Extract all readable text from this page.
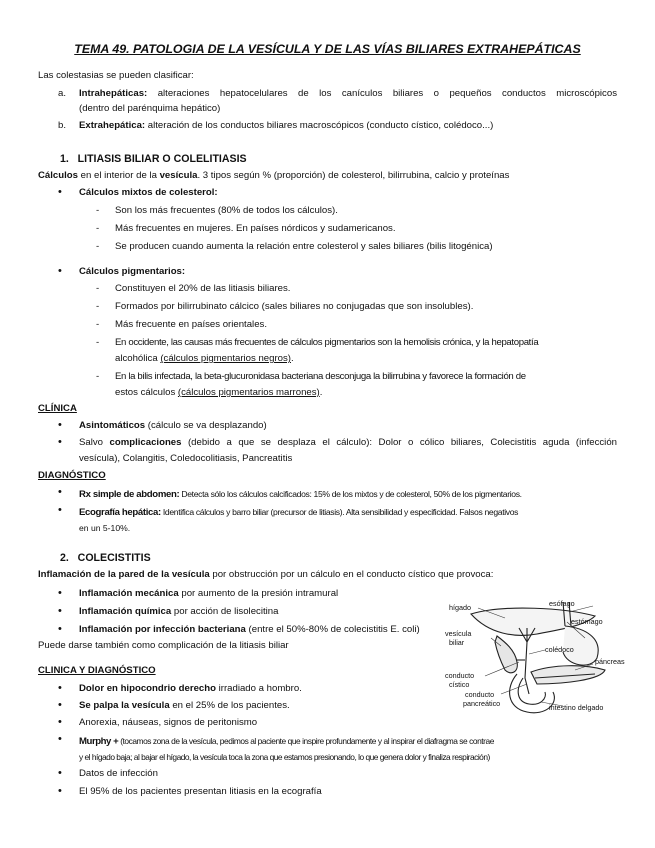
TEMA 49. PATOLOGIA DE LA VESÍCULA Y DE LAS VÍAS BILIARES EXTRAHEPÁTICAS
Las colestasias se pueden clasificar:
a. Intrahepáticas: alteraciones hepatocelulares de los canículos biliares o pequeños conductos microscópicos
(dentro del parénquima hepático)
b. Extrahepática: alteración de los conductos biliares macroscópicos (conducto cístico, colédoco...)
1.   LITIASIS BILIAR O COLELITIASIS
Cálculos en el interior de la vesícula. 3 tipos según % (proporción) de colesterol, bilirrubina, calcio y proteínas
• Cálculos mixtos de colesterol:
- Son los más frecuentes (80% de todos los cálculos).
- Más frecuentes en mujeres. En países nórdicos y sudamericanos.
- Se producen cuando aumenta la relación entre colesterol y sales biliares (bilis litogénica)
• Cálculos pigmentarios:
- Constituyen el 20% de las litiasis biliares.
- Formados por bilirrubinato cálcico (sales biliares no conjugadas que son insolubles).
- Más frecuente en países orientales.
- En occidente, las causas más frecuentes de cálculos pigmentarios son la hemolisis crónica, y la hepatopatía
alcohólica (cálculos pigmentarios negros).
- En la bilis infectada, la beta-glucuronidasa bacteriana desconjuga la bilirrubina y favorece la formación de
estos cálculos (cálculos pigmentarios marrones).
CLÍNICA
• Asintomáticos (cálculo se va desplazando)
• Salvo complicaciones (debido a que se desplaza el cálculo): Dolor o cólico biliares, Colecistitis aguda (infección
vesícula), Colangitis, Coledocolitiasis, Pancreatitis
DIAGNÓSTICO
• Rx simple de abdomen: Detecta sólo los cálculos calcificados: 15% de los mixtos y de colesterol, 50% de los pigmentarios.
• Ecografía hepática: Identifica cálculos y barro biliar (precursor de litiasis). Alta sensibilidad y especificidad. Falsos negativos
en un 5-10%.
2.   COLECISTITIS
Inflamación de la pared de la vesícula por obstrucción por un cálculo en el conducto cístico que provoca:
• Inflamación mecánica por aumento de la presión intramural
• Inflamación química por acción de lisolecitina
• Inflamación por infección bacteriana (entre el 50%-80% de colecistitis E. coli)
Puede darse también como complicación de la litiasis biliar
CLINICA Y DIAGNÓSTICO
• Dolor en hipocondrio derecho irradiado a hombro.
• Se palpa la vesícula en el 25% de los pacientes.
• Anorexia, náuseas, signos de peritonismo
• Murphy + (tocamos zona de la vesícula, pedimos al paciente que inspire profundamente y al inspirar el diafragma se contrae
y el hígado baja; al bajar el hígado, la vesícula toca la zona que estamos presionando, lo que genera dolor y finaliza respiración)
• Datos de infección
• El 95% de los pacientes presentan litiasis en la ecografía
hígado	esófago
estómago
vesícula
biliar
colédoco
páncreas
conducto
cístico
conducto
pancreático	intestino delgado
